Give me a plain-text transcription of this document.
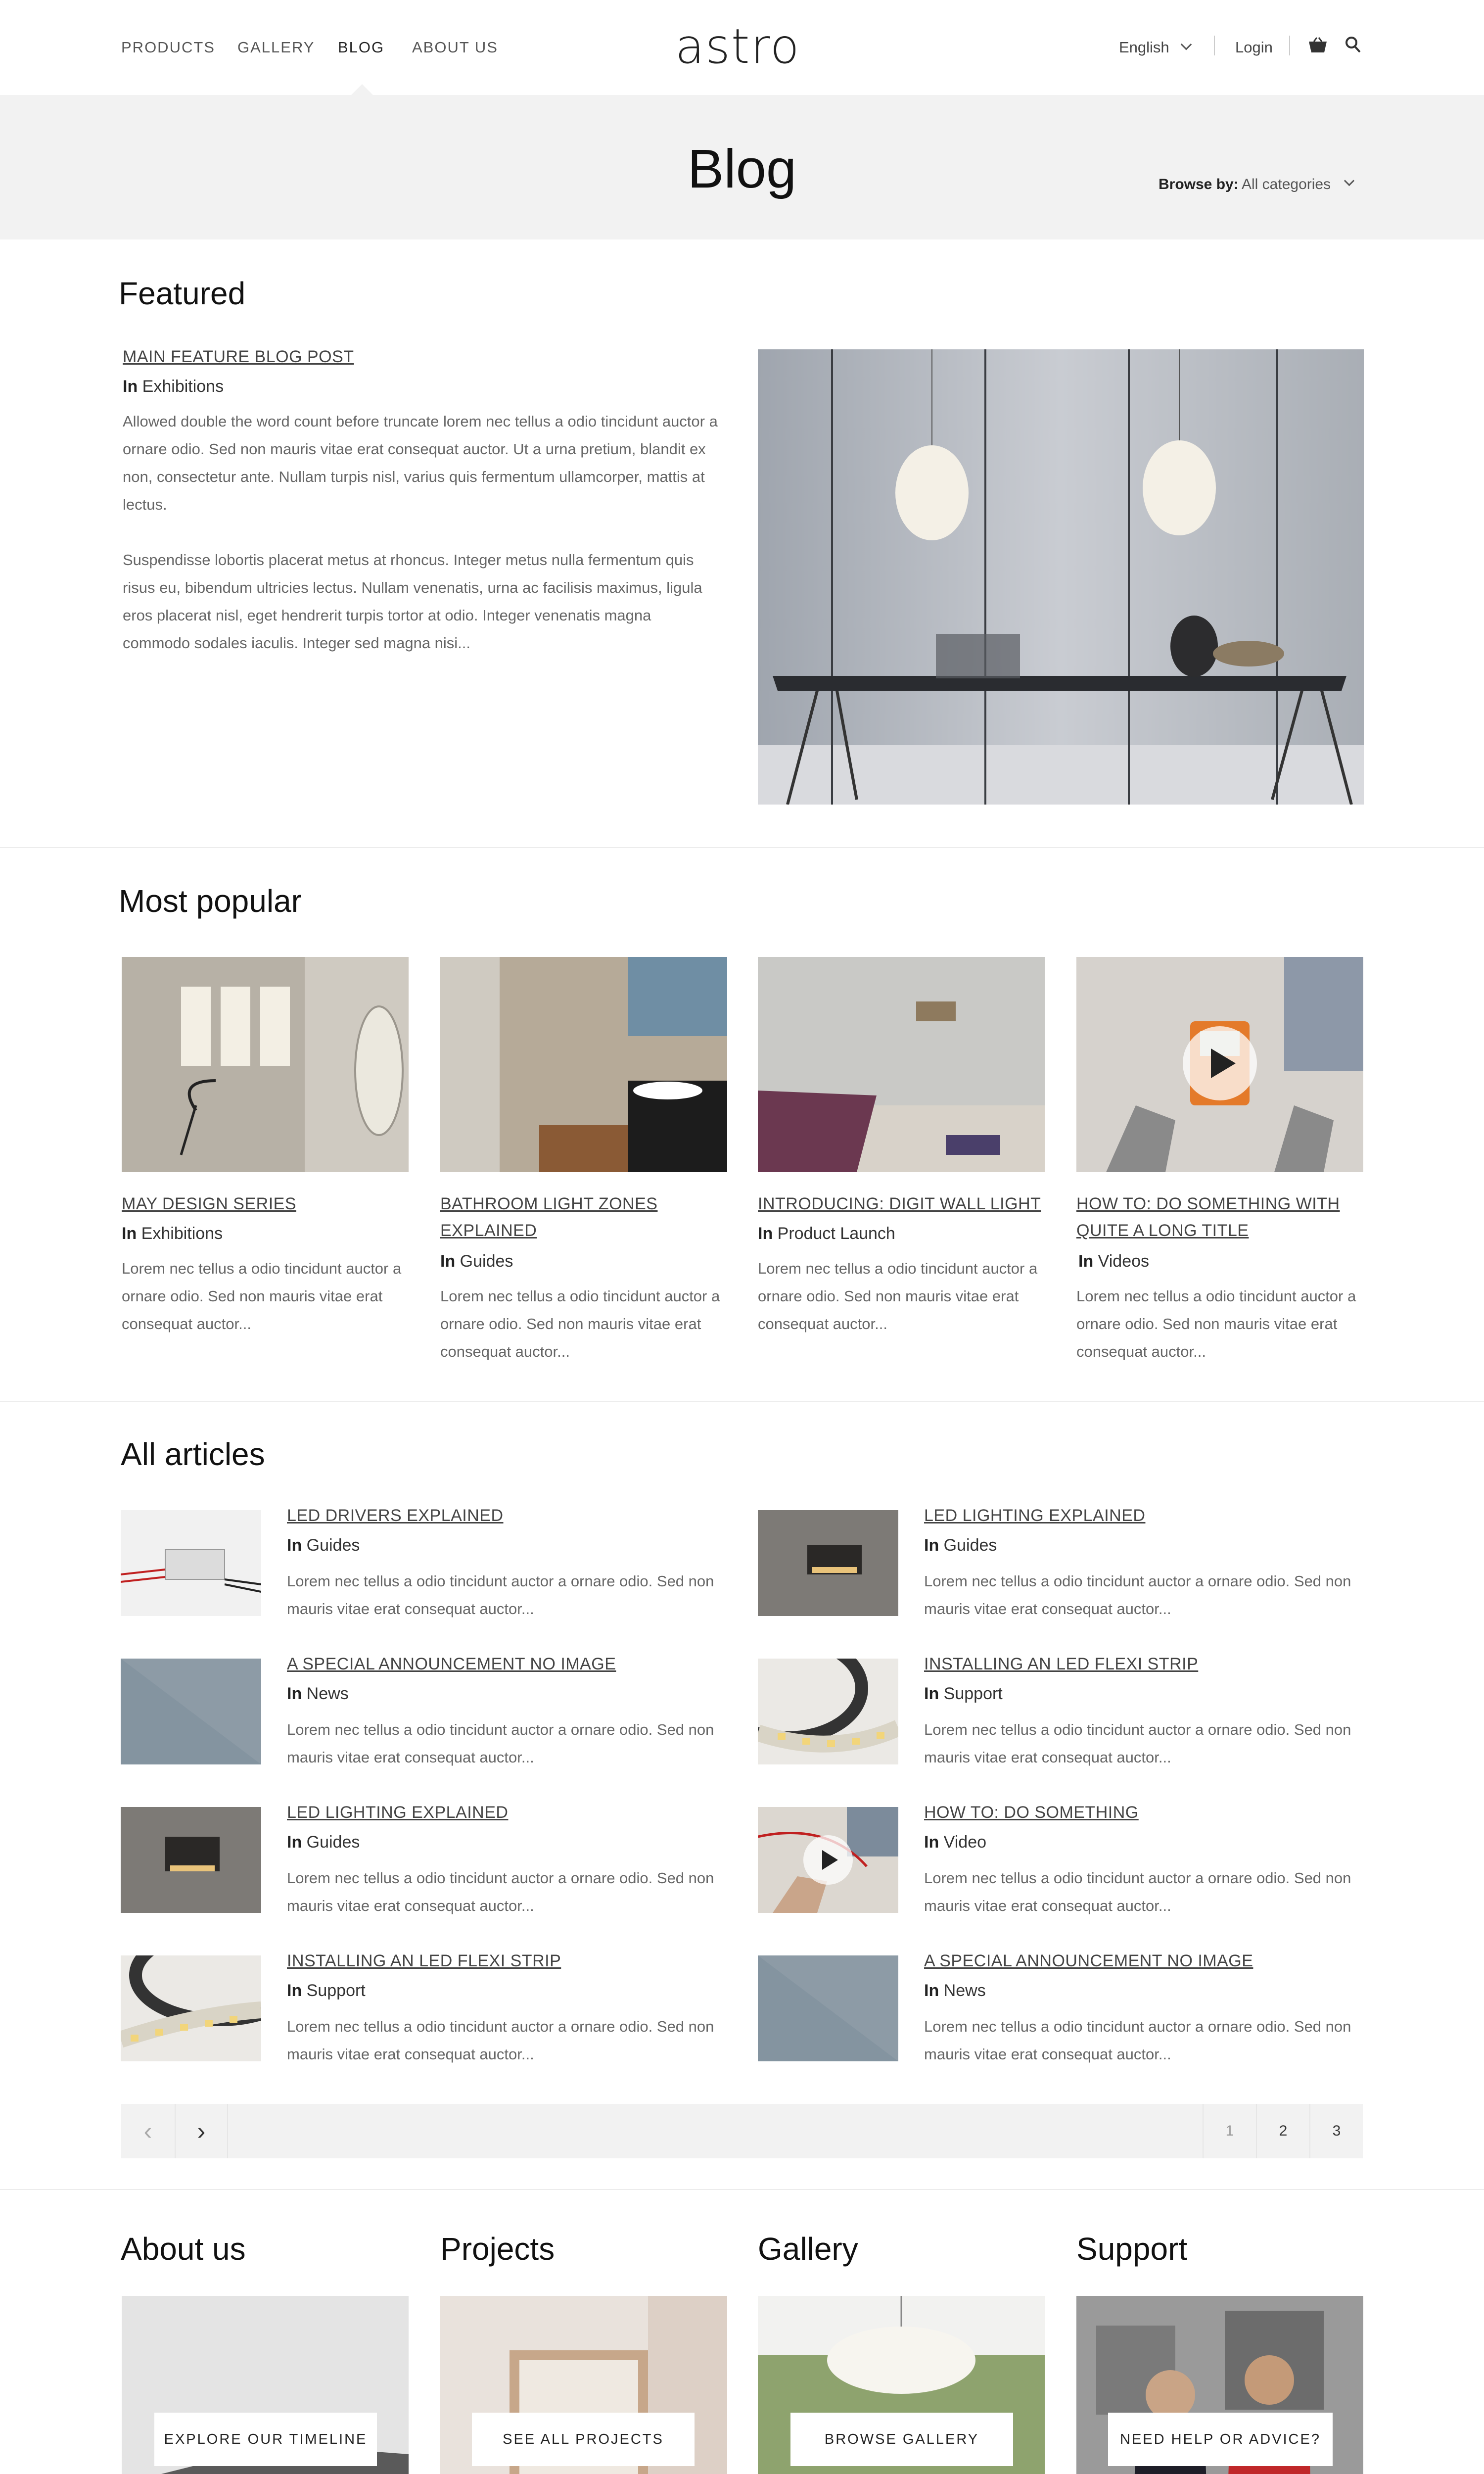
PRODUCTS GALLERY BLOG ABOUT US	astro	English	Login
Blog	Browse by: All categories
Featured
MAIN FEATURE BLOG POST
In Exhibitions

Allowed double the word count before truncate lorem nec tellus a odio tincidunt auctor a ornare odio. Sed non mauris vitae erat consequat auctor. Ut a urna pretium, blandit ex non, consectetur ante. Nullam turpis nisl, varius quis fermentum ullamcorper, mattis at lectus.

Suspendisse lobortis placerat metus at rhoncus. Integer metus nulla fermentum quis risus eu, bibendum ultricies lectus. Nullam venenatis, urna ac facilisis maximus, ligula eros placerat nisl, eget hendrerit turpis tortor at odio. Integer venenatis magna commodo sodales iaculis. Integer sed magna nisi...

Most popular
MAY DESIGN SERIES
In Exhibitions

Lorem nec tellus a odio tincidunt auctor a ornare odio. Sed non mauris vitae erat consequat auctor...

BATHROOM LIGHT ZONES EXPLAINED
In Guides

Lorem nec tellus a odio tincidunt auctor a ornare odio. Sed non mauris vitae erat consequat auctor...

INTRODUCING: DIGIT WALL LIGHT
In Product Launch

Lorem nec tellus a odio tincidunt auctor a ornare odio. Sed non mauris vitae erat consequat auctor...

HOW TO: DO SOMETHING WITH QUITE A LONG TITLE
In Videos

Lorem nec tellus a odio tincidunt auctor a ornare odio. Sed non mauris vitae erat consequat auctor...

All articles
LED DRIVERS EXPLAINED
In Guides

Lorem nec tellus a odio tincidunt auctor a ornare odio. Sed non mauris vitae erat consequat auctor...

LED LIGHTING EXPLAINED
In Guides

Lorem nec tellus a odio tincidunt auctor a ornare odio. Sed non mauris vitae erat consequat auctor...

A SPECIAL ANNOUNCEMENT NO IMAGE
In News

Lorem nec tellus a odio tincidunt auctor a ornare odio. Sed non mauris vitae erat consequat auctor...

INSTALLING AN LED FLEXI STRIP
In Support

Lorem nec tellus a odio tincidunt auctor a ornare odio. Sed non mauris vitae erat consequat auctor...

LED LIGHTING EXPLAINED
In Guides

Lorem nec tellus a odio tincidunt auctor a ornare odio. Sed non mauris vitae erat consequat auctor...

HOW TO: DO SOMETHING
In Video

Lorem nec tellus a odio tincidunt auctor a ornare odio. Sed non mauris vitae erat consequat auctor...

INSTALLING AN LED FLEXI STRIP
In Support

Lorem nec tellus a odio tincidunt auctor a ornare odio. Sed non mauris vitae erat consequat auctor...

A SPECIAL ANNOUNCEMENT NO IMAGE
In News

Lorem nec tellus a odio tincidunt auctor a ornare odio. Sed non mauris vitae erat consequat auctor...

‹	›	1	2	3
About us	Projects	Gallery	Support
EXPLORE OUR TIMELINE	SEE ALL PROJECTS	BROWSE GALLERY	NEED HELP OR ADVICE?
